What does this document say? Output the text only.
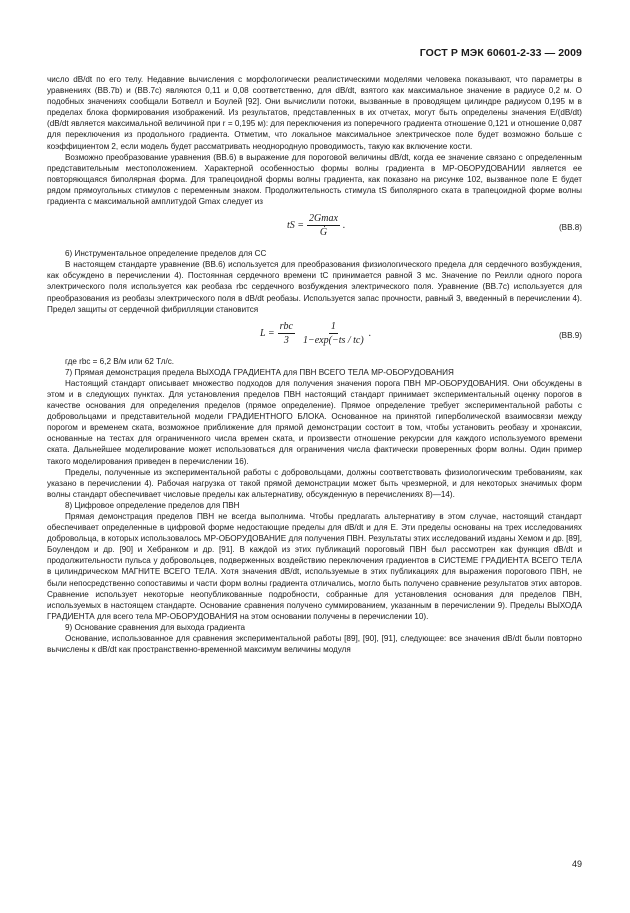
ГОСТ Р МЭК 60601-2-33 — 2009

число dB/dt по его телу. Недавние вычисления с морфологически реалистическими моделями человека показывают, что параметры в уравнениях (BB.7b) и (BB.7c) являются 0,11 и 0,08 соответственно, для dB/dt, взятого как максимальное значение в радиусе 0,2 м. О подобных значениях сообщали Ботвелл и Боулей [92]. Они вычислили потоки, вызванные в проводящем цилиндре радиусом 0,195 м в пределах блока формирования изображений. Из результатов, представленных в их отчетах, могут быть определены значения E/(dB/dt) (dB/dt является максимальной величиной при r = 0,195 м): для переключения из поперечного градиента отношение 0,121 и отношение 0,087 для переключения из продольного градиента. Отметим, что локальное максимальное электрическое поле будет возможно больше с коэффициентом 2, если модель будет рассматривать неоднородную проводимость, такую как включение кости.

Возможно преобразование уравнения (BB.6) в выражение для пороговой величины dB/dt, когда ее значение связано с определенным представительным местоположением. Характерной особенностью формы волны градиента в МР-ОБОРУДОВАНИИ является ее повторяющаяся биполярная форма. Для трапецоидной формы волны градиента, как показано на рисунке 102, вызванное поле E будет рядом прямоугольных стимулов с переменным знаком. Продолжительность стимула tS биполярного ската в трапецоидной форме волны градиента с максимальной амплитудой Gmax следует из

tS = $\frac{2Gmax}{Ġ}$ .	(BB.8)

6) Инструментальное определение пределов для СС

В настоящем стандарте уравнение (BB.6) используется для преобразования физиологического предела для сердечного возбуждения, как обсуждено в перечислении 4). Постоянная сердечного времени tC принимается равной 3 мс. Значение по Реилли одного порога электрического поля используется как реобаза rbc сердечного возбуждения электрического поля. Уравнение (BB.7c) используется для преобразования из реобазы электрического поля в dB/dt реобазы. Используется запас прочности, равный 3, введенный в перечислении 4). Предел защиты от сердечной фибрилляции становится

$L = \frac{\text{rbc}}{3} \frac{1}{1-\exp(-ts / tc)}$ .	(BB.9)

где rbc = 6,2 В/м или 62 Тл/с.

7) Прямая демонстрация предела ВЫХОДА ГРАДИЕНТА для ПВН ВСЕГО ТЕЛА МР-ОБОРУДОВАНИЯ

Настоящий стандарт описывает множество подходов для получения значения порога ПВН МР-ОБОРУДОВАНИЯ. Они обсуждены в этом и в следующих пунктах. Для установления пределов ПВН настоящий стандарт принимает экспериментальный оценку порогов в качестве основания для определения пределов (прямое определение). Прямое определение требует экспериментальной работы с добровольцами и представительной модели ГРАДИЕНТНОГО БЛОКА. Основанное на принятой гиперболической взаимосвязи между порогом и временем ската, возможное приближение для прямой демонстрации состоит в том, чтобы установить реобазу и хронаксии, основанные на тестах для ограниченного числа времен ската, и произвести отношение рекурсии для каждого используемого времени ската. Дальнейшее моделирование может использоваться для ограничения числа фактически проверенных форм волны. Один пример такого моделирования приведен в перечислении 16).

Пределы, полученные из экспериментальной работы с добровольцами, должны соответствовать физиологическим требованиям, как указано в перечислении 4). Рабочая нагрузка от такой прямой демонстрации может быть чрезмерной, и для некоторых значимых форм волны стандарт обеспечивает числовые пределы как альтернативу, обсужденную в перечислениях 8)—14).

8) Цифровое определение пределов для ПВН

Прямая демонстрация пределов ПВН не всегда выполнима. Чтобы предлагать альтернативу в этом случае, настоящий стандарт обеспечивает определенные в цифровой форме недостающие пределы для dB/dt и для E. Эти пределы основаны на трех исследованиях добровольца, в которых использовалось МР-ОБОРУДОВАНИЕ для получения ПВН. Результаты этих исследований изданы Хемом и др. [89], Боулендом и др. [90] и Хебранком и др. [91]. В каждой из этих публикаций пороговый ПВН был рассмотрен как функция dB/dt и продолжительности пульса у добровольцев, подверженных воздействию переключения градиентов в СИСТЕМЕ ГРАДИЕНТА ВСЕГО ТЕЛА в цилиндрическом МАГНИТЕ ВСЕГО ТЕЛА. Хотя значения dB/dt, используемые в этих публикациях для выражения порогового ПВН, не были непосредственно сопоставимы и части форм волны градиента отличались, моглo быть получено сравнение результатов этих авторов. Сравнение использует некоторые неопубликованные подробности, собранные для установления основания для пределов ПВН, используемых в настоящем стандарте. Основание сравнения получено суммированием, указанным в перечислении 9). Пределы ВЫХОДА ГРАДИЕНТА для всего тела МР-ОБОРУДОВАНИЯ на этом основании получены в перечислении 10).

9) Основание сравнения для выхода градиента

Основание, использованное для сравнения экспериментальной работы [89], [90], [91], следующее: все значения dB/dt были повторно вычислены к dB/dt как пространственно-временной максимум величины модуля

49
